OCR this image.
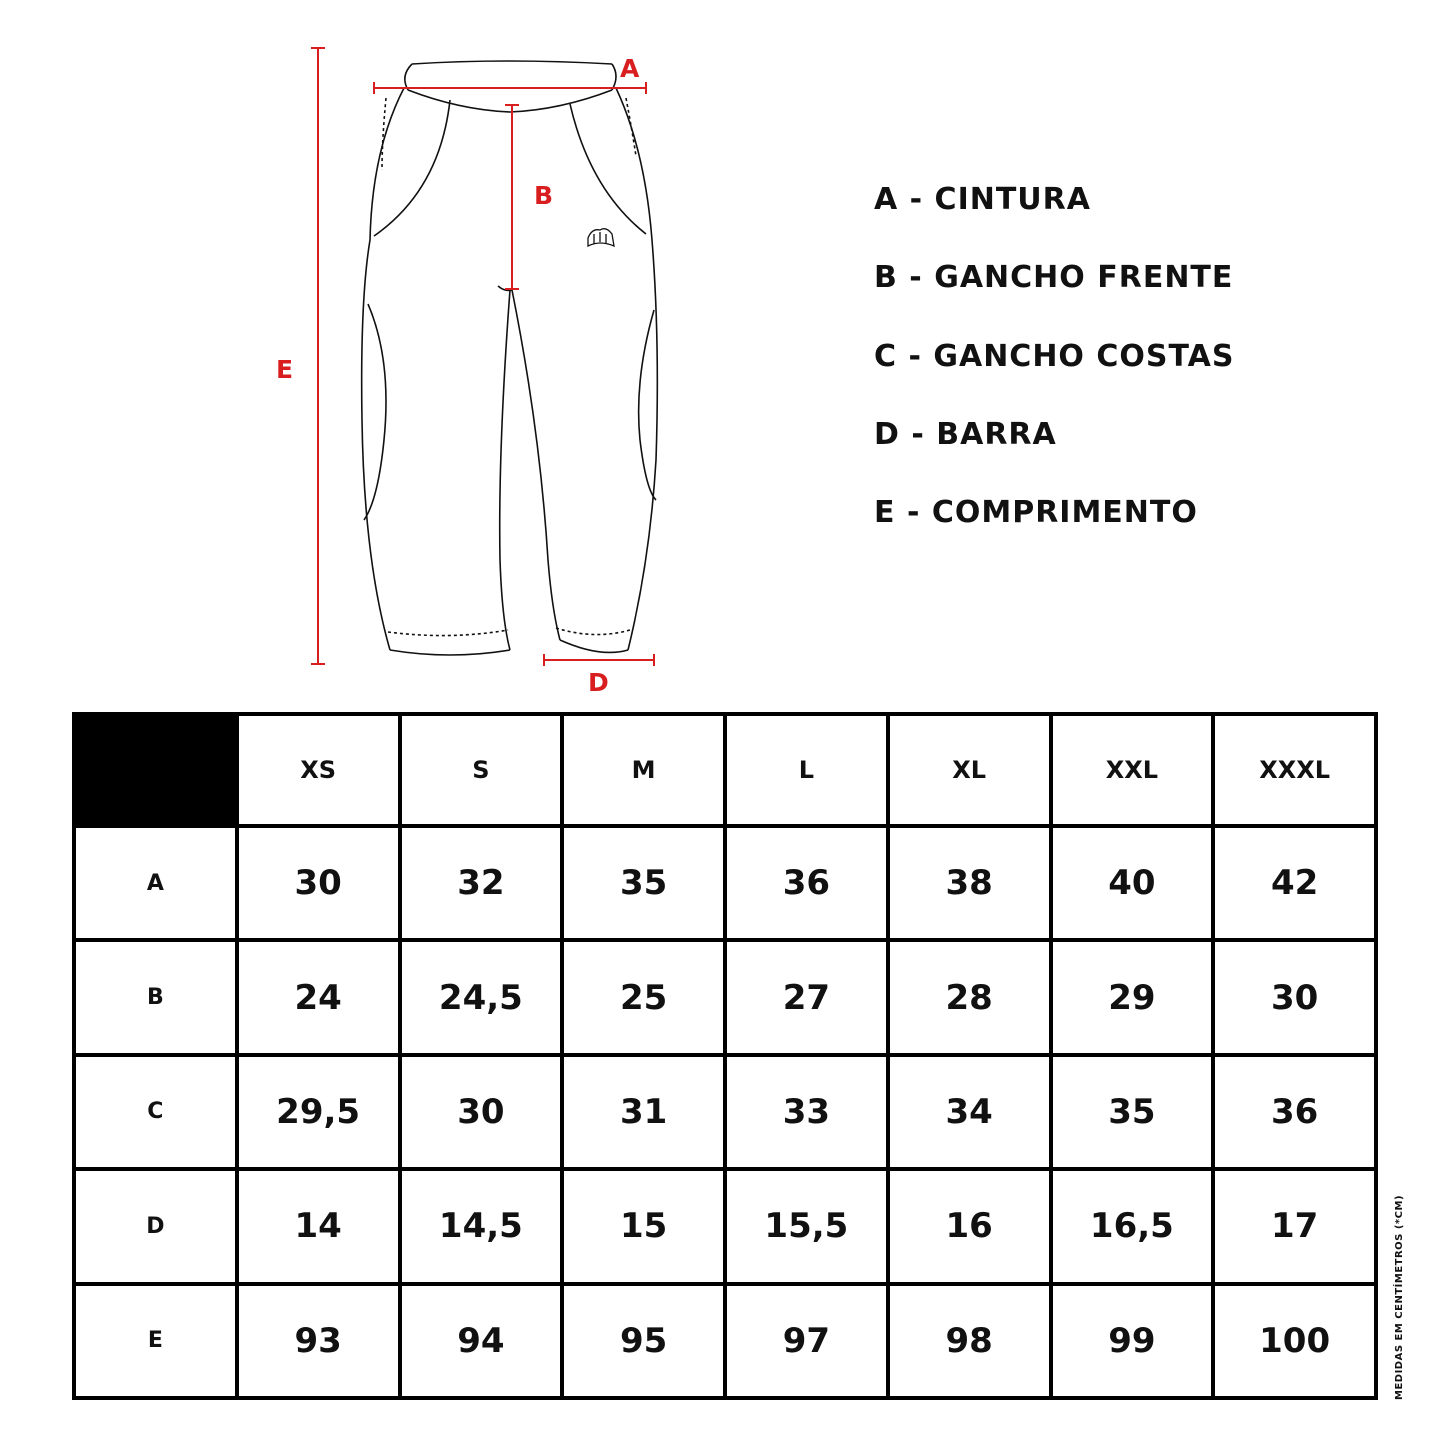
A
B
D
E
A - CINTURA
B - GANCHO FRENTE
C - GANCHO COSTAS
D - BARRA
E - COMPRIMENTO
	XS	S	M	L	XL	XXL	XXXL
A	30	32	35	36	38	40	42
B	24	24,5	25	27	28	29	30
C	29,5	30	31	33	34	35	36
D	14	14,5	15	15,5	16	16,5	17
E	93	94	95	97	98	99	100	MEDIDAS EM CENTÍMETROS (*CM)
